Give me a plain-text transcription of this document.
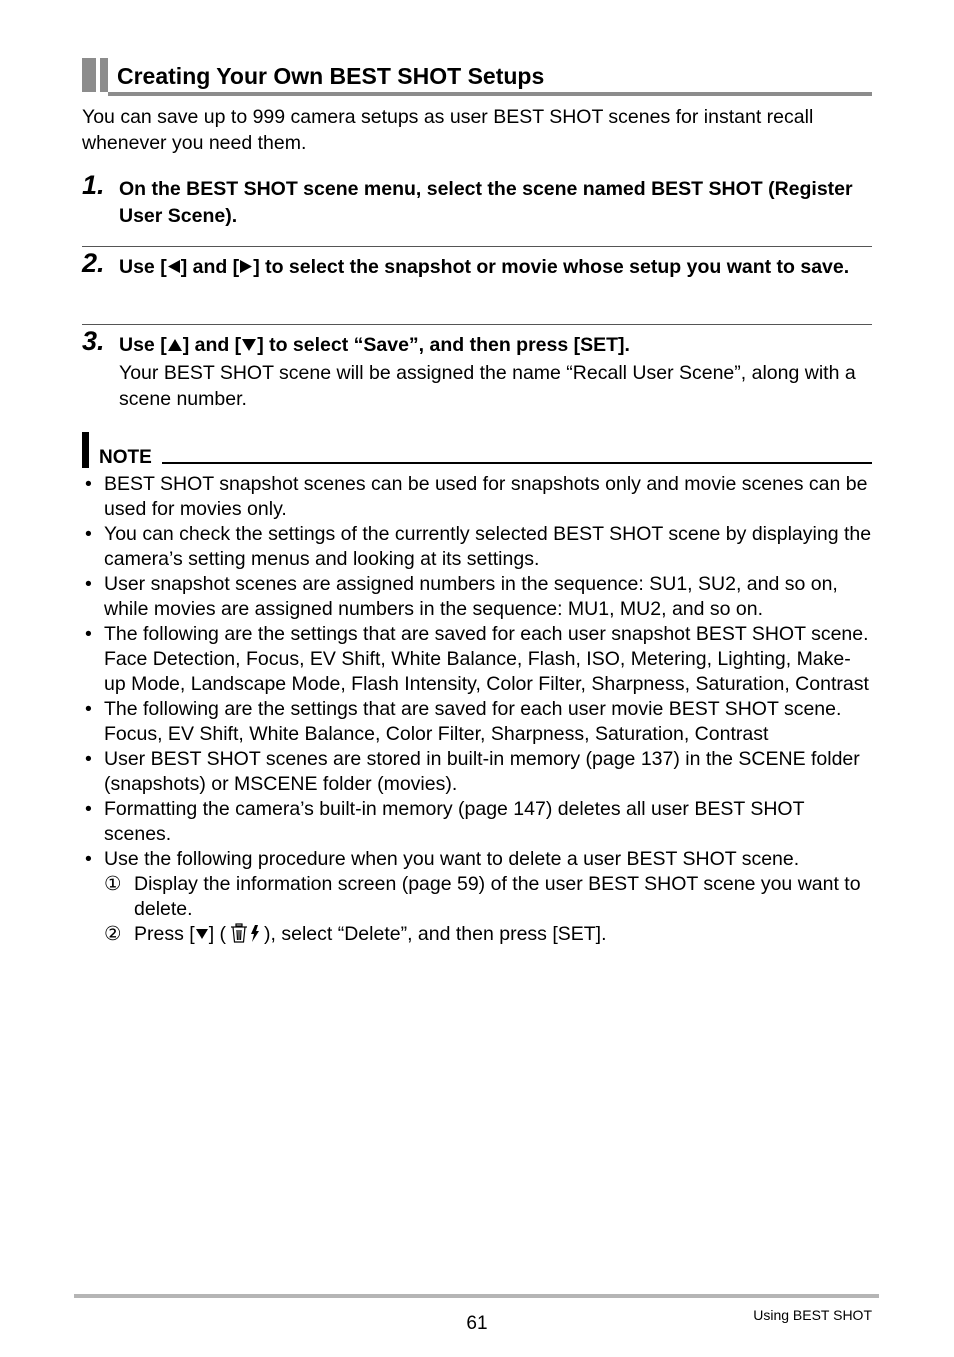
Creating Your Own BEST SHOT Setups
You can save up to 999 camera setups as user BEST SHOT scenes for instant recall whenever you need them.
1. On the BEST SHOT scene menu, select the scene named BEST SHOT (Register User Scene).
2. Use [ ] and [ ] to select the snapshot or movie whose setup you want to save.
3. Use [ ] and [ ] to select “Save”, and then press [SET].
Your BEST SHOT scene will be assigned the name “Recall User Scene”, along with a scene number.
NOTE
• BEST SHOT snapshot scenes can be used for snapshots only and movie scenes can be used for movies only.
• You can check the settings of the currently selected BEST SHOT scene by displaying the camera’s setting menus and looking at its settings.
• User snapshot scenes are assigned numbers in the sequence: SU1, SU2, and so on, while movies are assigned numbers in the sequence: MU1, MU2, and so on.
• The following are the settings that are saved for each user snapshot BEST SHOT scene.
Face Detection, Focus, EV Shift, White Balance, Flash, ISO, Metering, Lighting, Make-up Mode, Landscape Mode, Flash Intensity, Color Filter, Sharpness, Saturation, Contrast
• The following are the settings that are saved for each user movie BEST SHOT scene.
Focus, EV Shift, White Balance, Color Filter, Sharpness, Saturation, Contrast
• User BEST SHOT scenes are stored in built-in memory (page 137) in the SCENE folder (snapshots) or MSCENE folder (movies).
• Formatting the camera’s built-in memory (page 147) deletes all user BEST SHOT scenes.
• Use the following procedure when you want to delete a user BEST SHOT scene.
① Display the information screen (page 59) of the user BEST SHOT scene you want to delete.
② Press [ ] ( ), select “Delete”, and then press [SET].
61	Using BEST SHOT
